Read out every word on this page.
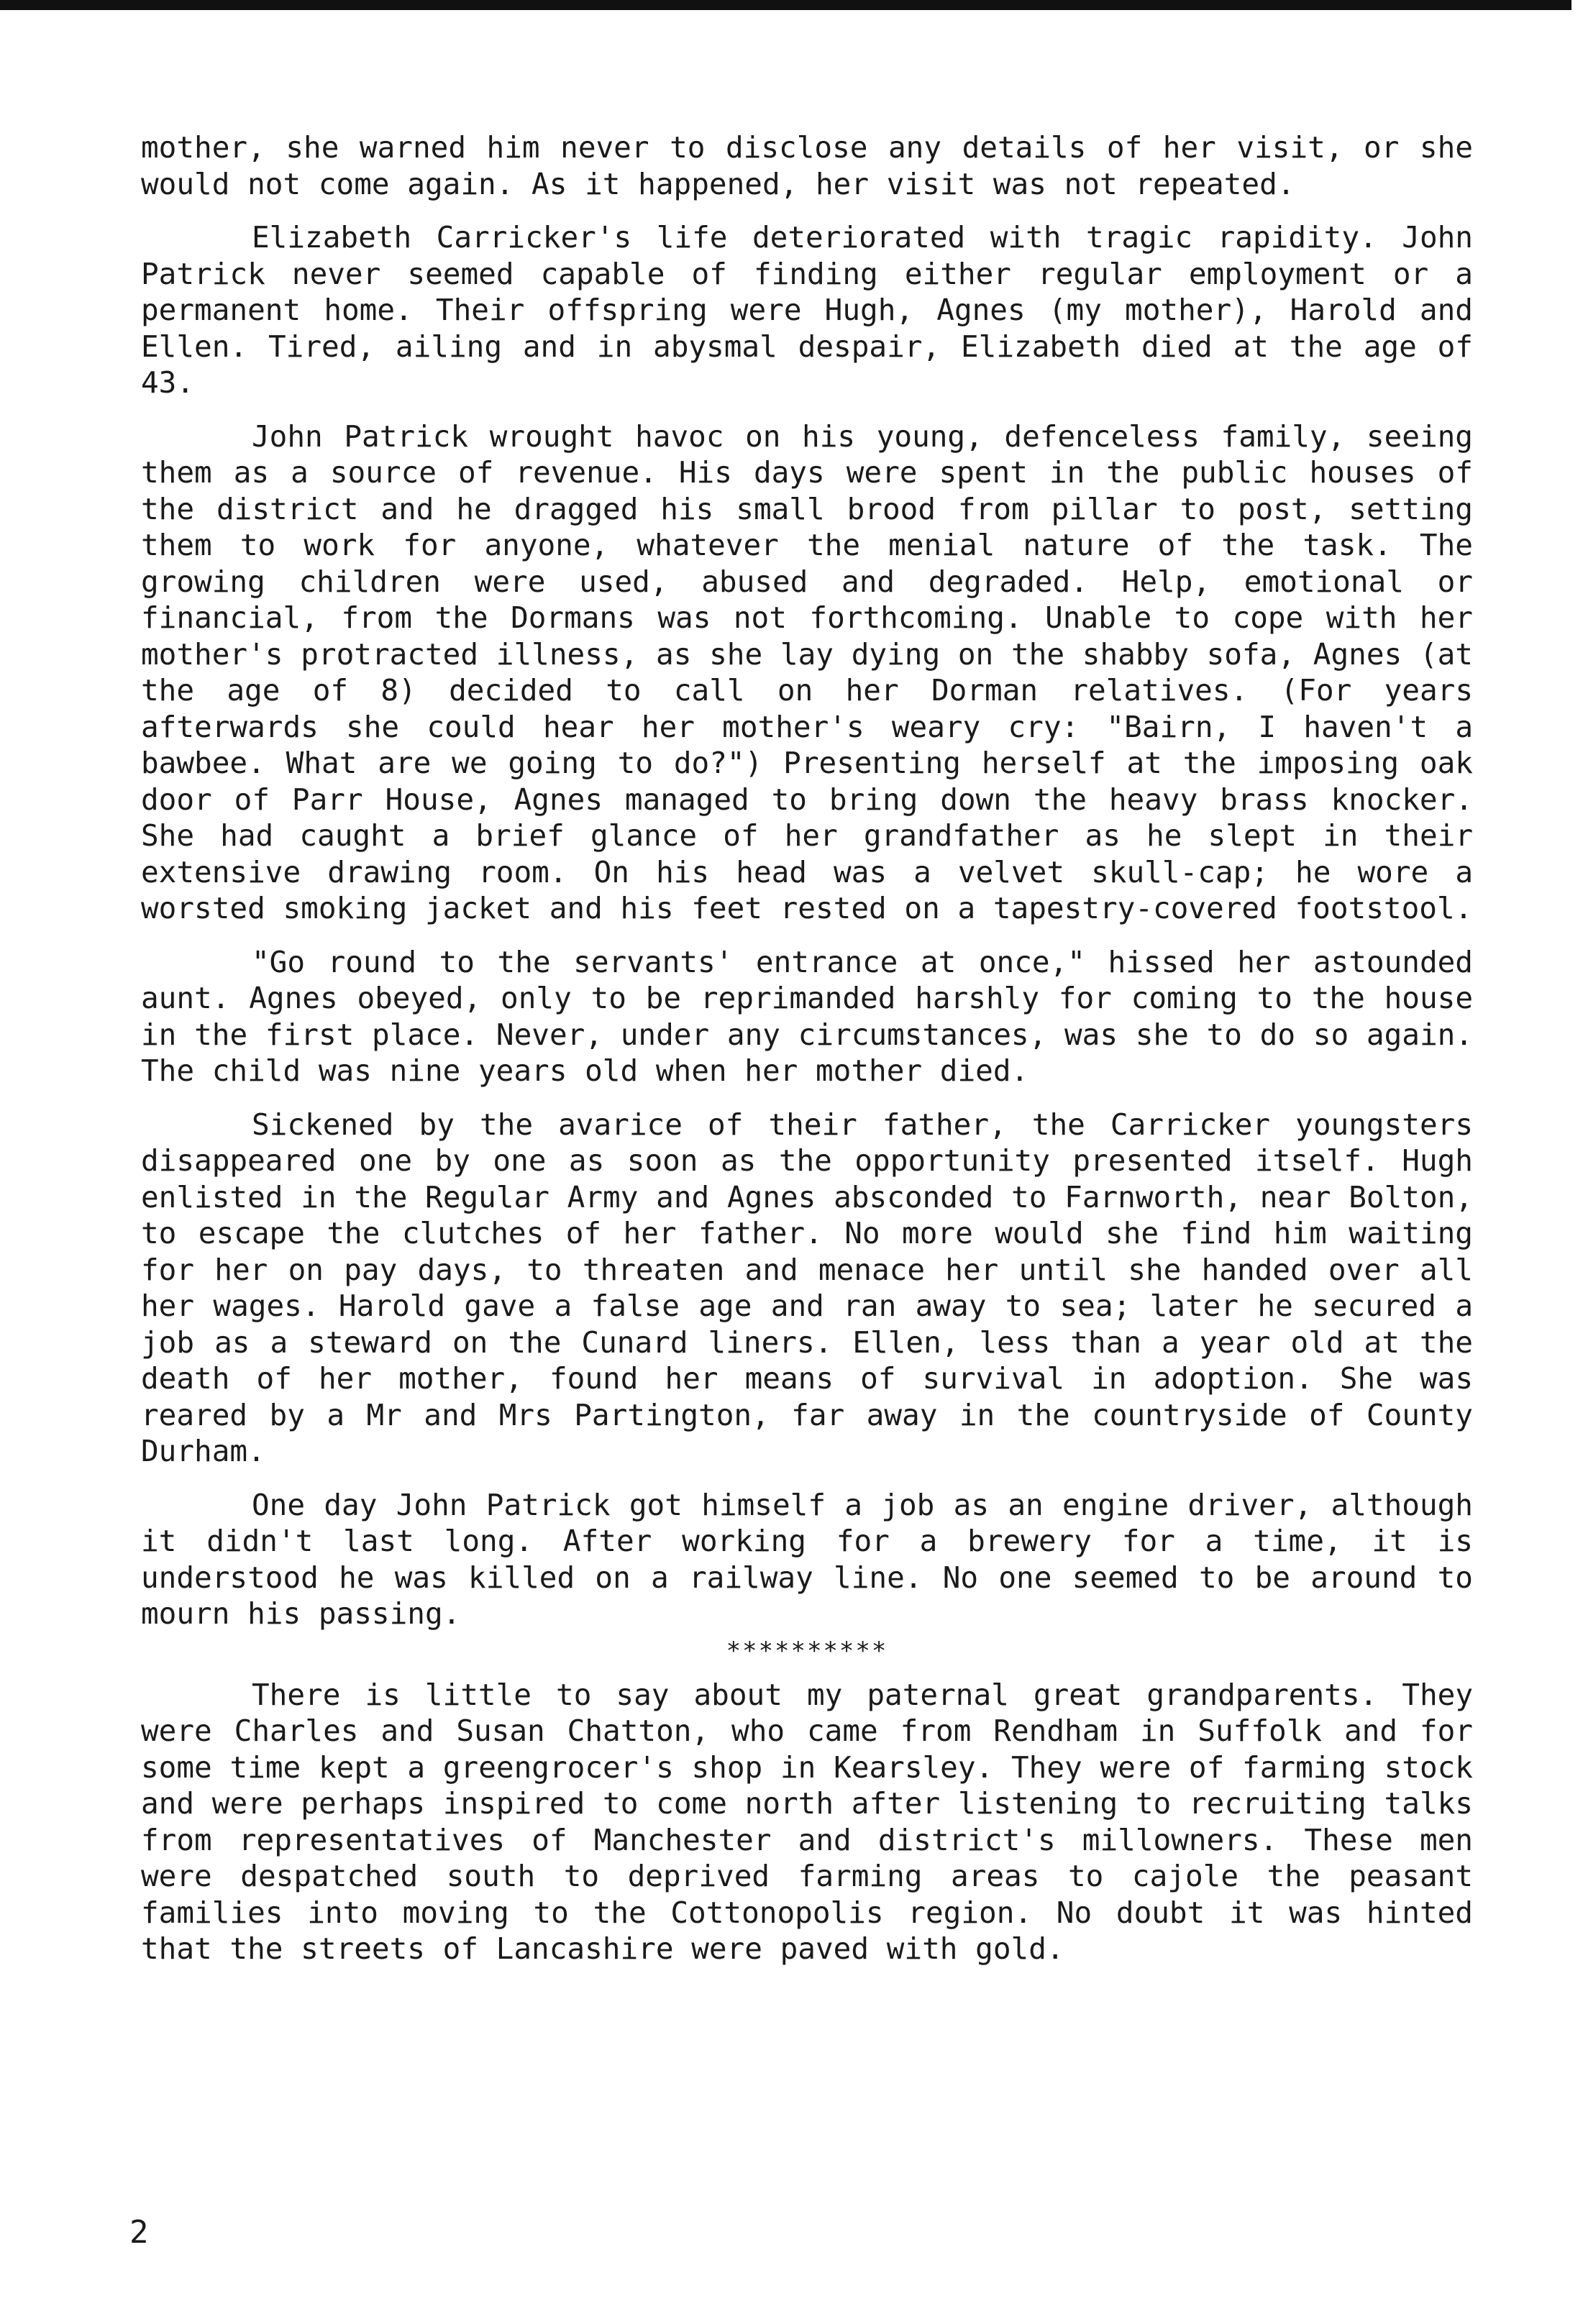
mother, she warned him never to disclose any details of her visit, or she would not come again. As it happened, her visit was not repeated.

Elizabeth Carricker's life deteriorated with tragic rapidity. John Patrick never seemed capable of finding either regular employment or a permanent home. Their offspring were Hugh, Agnes (my mother), Harold and Ellen. Tired, ailing and in abysmal despair, Elizabeth died at the age of 43.

John Patrick wrought havoc on his young, defenceless family, seeing them as a source of revenue. His days were spent in the public houses of the district and he dragged his small brood from pillar to post, setting them to work for anyone, whatever the menial nature of the task. The growing children were used, abused and degraded. Help, emotional or financial, from the Dormans was not forthcoming. Unable to cope with her mother's protracted illness, as she lay dying on the shabby sofa, Agnes (at the age of 8) decided to call on her Dorman relatives. (For years afterwards she could hear her mother's weary cry: "Bairn, I haven't a bawbee. What are we going to do?") Presenting herself at the imposing oak door of Parr House, Agnes managed to bring down the heavy brass knocker. She had caught a brief glance of her grandfather as he slept in their extensive drawing room. On his head was a velvet skull-cap; he wore a worsted smoking jacket and his feet rested on a tapestry-covered footstool.

"Go round to the servants' entrance at once," hissed her astounded aunt. Agnes obeyed, only to be reprimanded harshly for coming to the house in the first place. Never, under any circumstances, was she to do so again. The child was nine years old when her mother died.

Sickened by the avarice of their father, the Carricker youngsters disappeared one by one as soon as the opportunity presented itself. Hugh enlisted in the Regular Army and Agnes absconded to Farnworth, near Bolton, to escape the clutches of her father. No more would she find him waiting for her on pay days, to threaten and menace her until she handed over all her wages. Harold gave a false age and ran away to sea; later he secured a job as a steward on the Cunard liners. Ellen, less than a year old at the death of her mother, found her means of survival in adoption. She was reared by a Mr and Mrs Partington, far away in the countryside of County Durham.

One day John Patrick got himself a job as an engine driver, although it didn't last long. After working for a brewery for a time, it is understood he was killed on a railway line. No one seemed to be around to mourn his passing.

**********

There is little to say about my paternal great grandparents. They were Charles and Susan Chatton, who came from Rendham in Suffolk and for some time kept a greengrocer's shop in Kearsley. They were of farming stock and were perhaps inspired to come north after listening to recruiting talks from representatives of Manchester and district's millowners. These men were despatched south to deprived farming areas to cajole the peasant families into moving to the Cottonopolis region. No doubt it was hinted that the streets of Lancashire were paved with gold.

2
